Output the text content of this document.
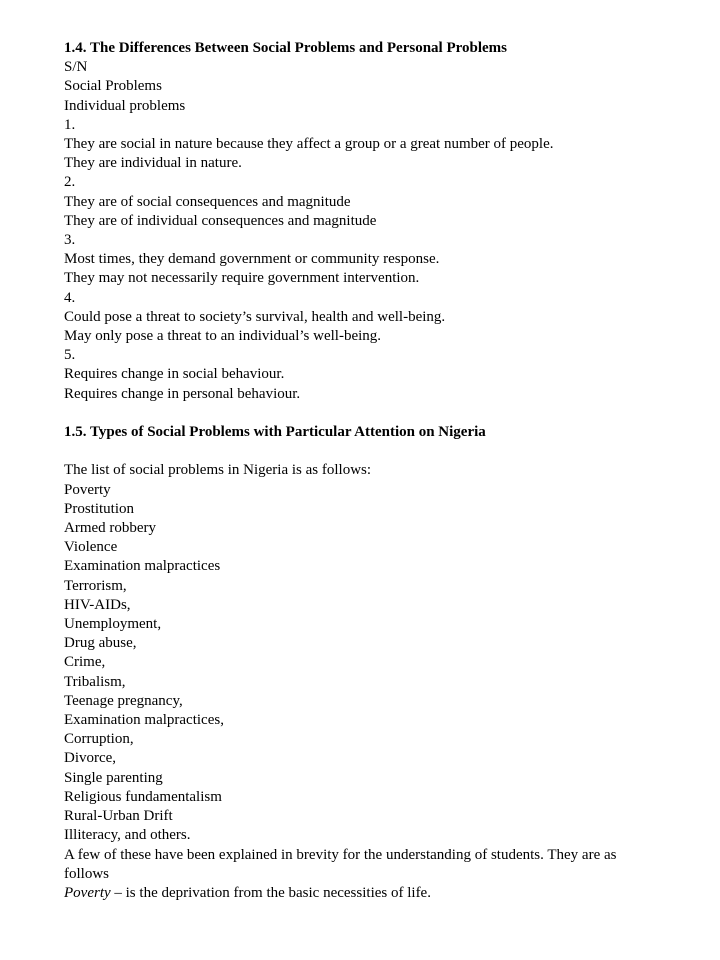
1.4. The Differences Between Social Problems and Personal Problems
S/N
Social Problems
Individual problems
1.
They are social in nature because they affect a group or a great number of people.
They are individual in nature.
2.
They are of social consequences and magnitude
They are of individual consequences and magnitude
3.
Most times, they demand government or community response.
They may not necessarily require government intervention.
4.
Could pose a threat to society’s survival, health and well-being.
May only pose a threat to an individual’s well-being.
5.
Requires change in social behaviour.
Requires change in personal behaviour.
1.5. Types of Social Problems with Particular Attention on Nigeria
The list of social problems in Nigeria is as follows:
Poverty
Prostitution
Armed robbery
Violence
Examination malpractices
Terrorism,
HIV-AIDs,
Unemployment,
Drug abuse,
Crime,
Tribalism,
Teenage pregnancy,
Examination malpractices,
Corruption,
Divorce,
Single parenting
Religious fundamentalism
Rural-Urban Drift
Illiteracy, and others.
A few of these have been explained in brevity for the understanding of students. They are as follows
Poverty – is the deprivation from the basic necessities of life.
